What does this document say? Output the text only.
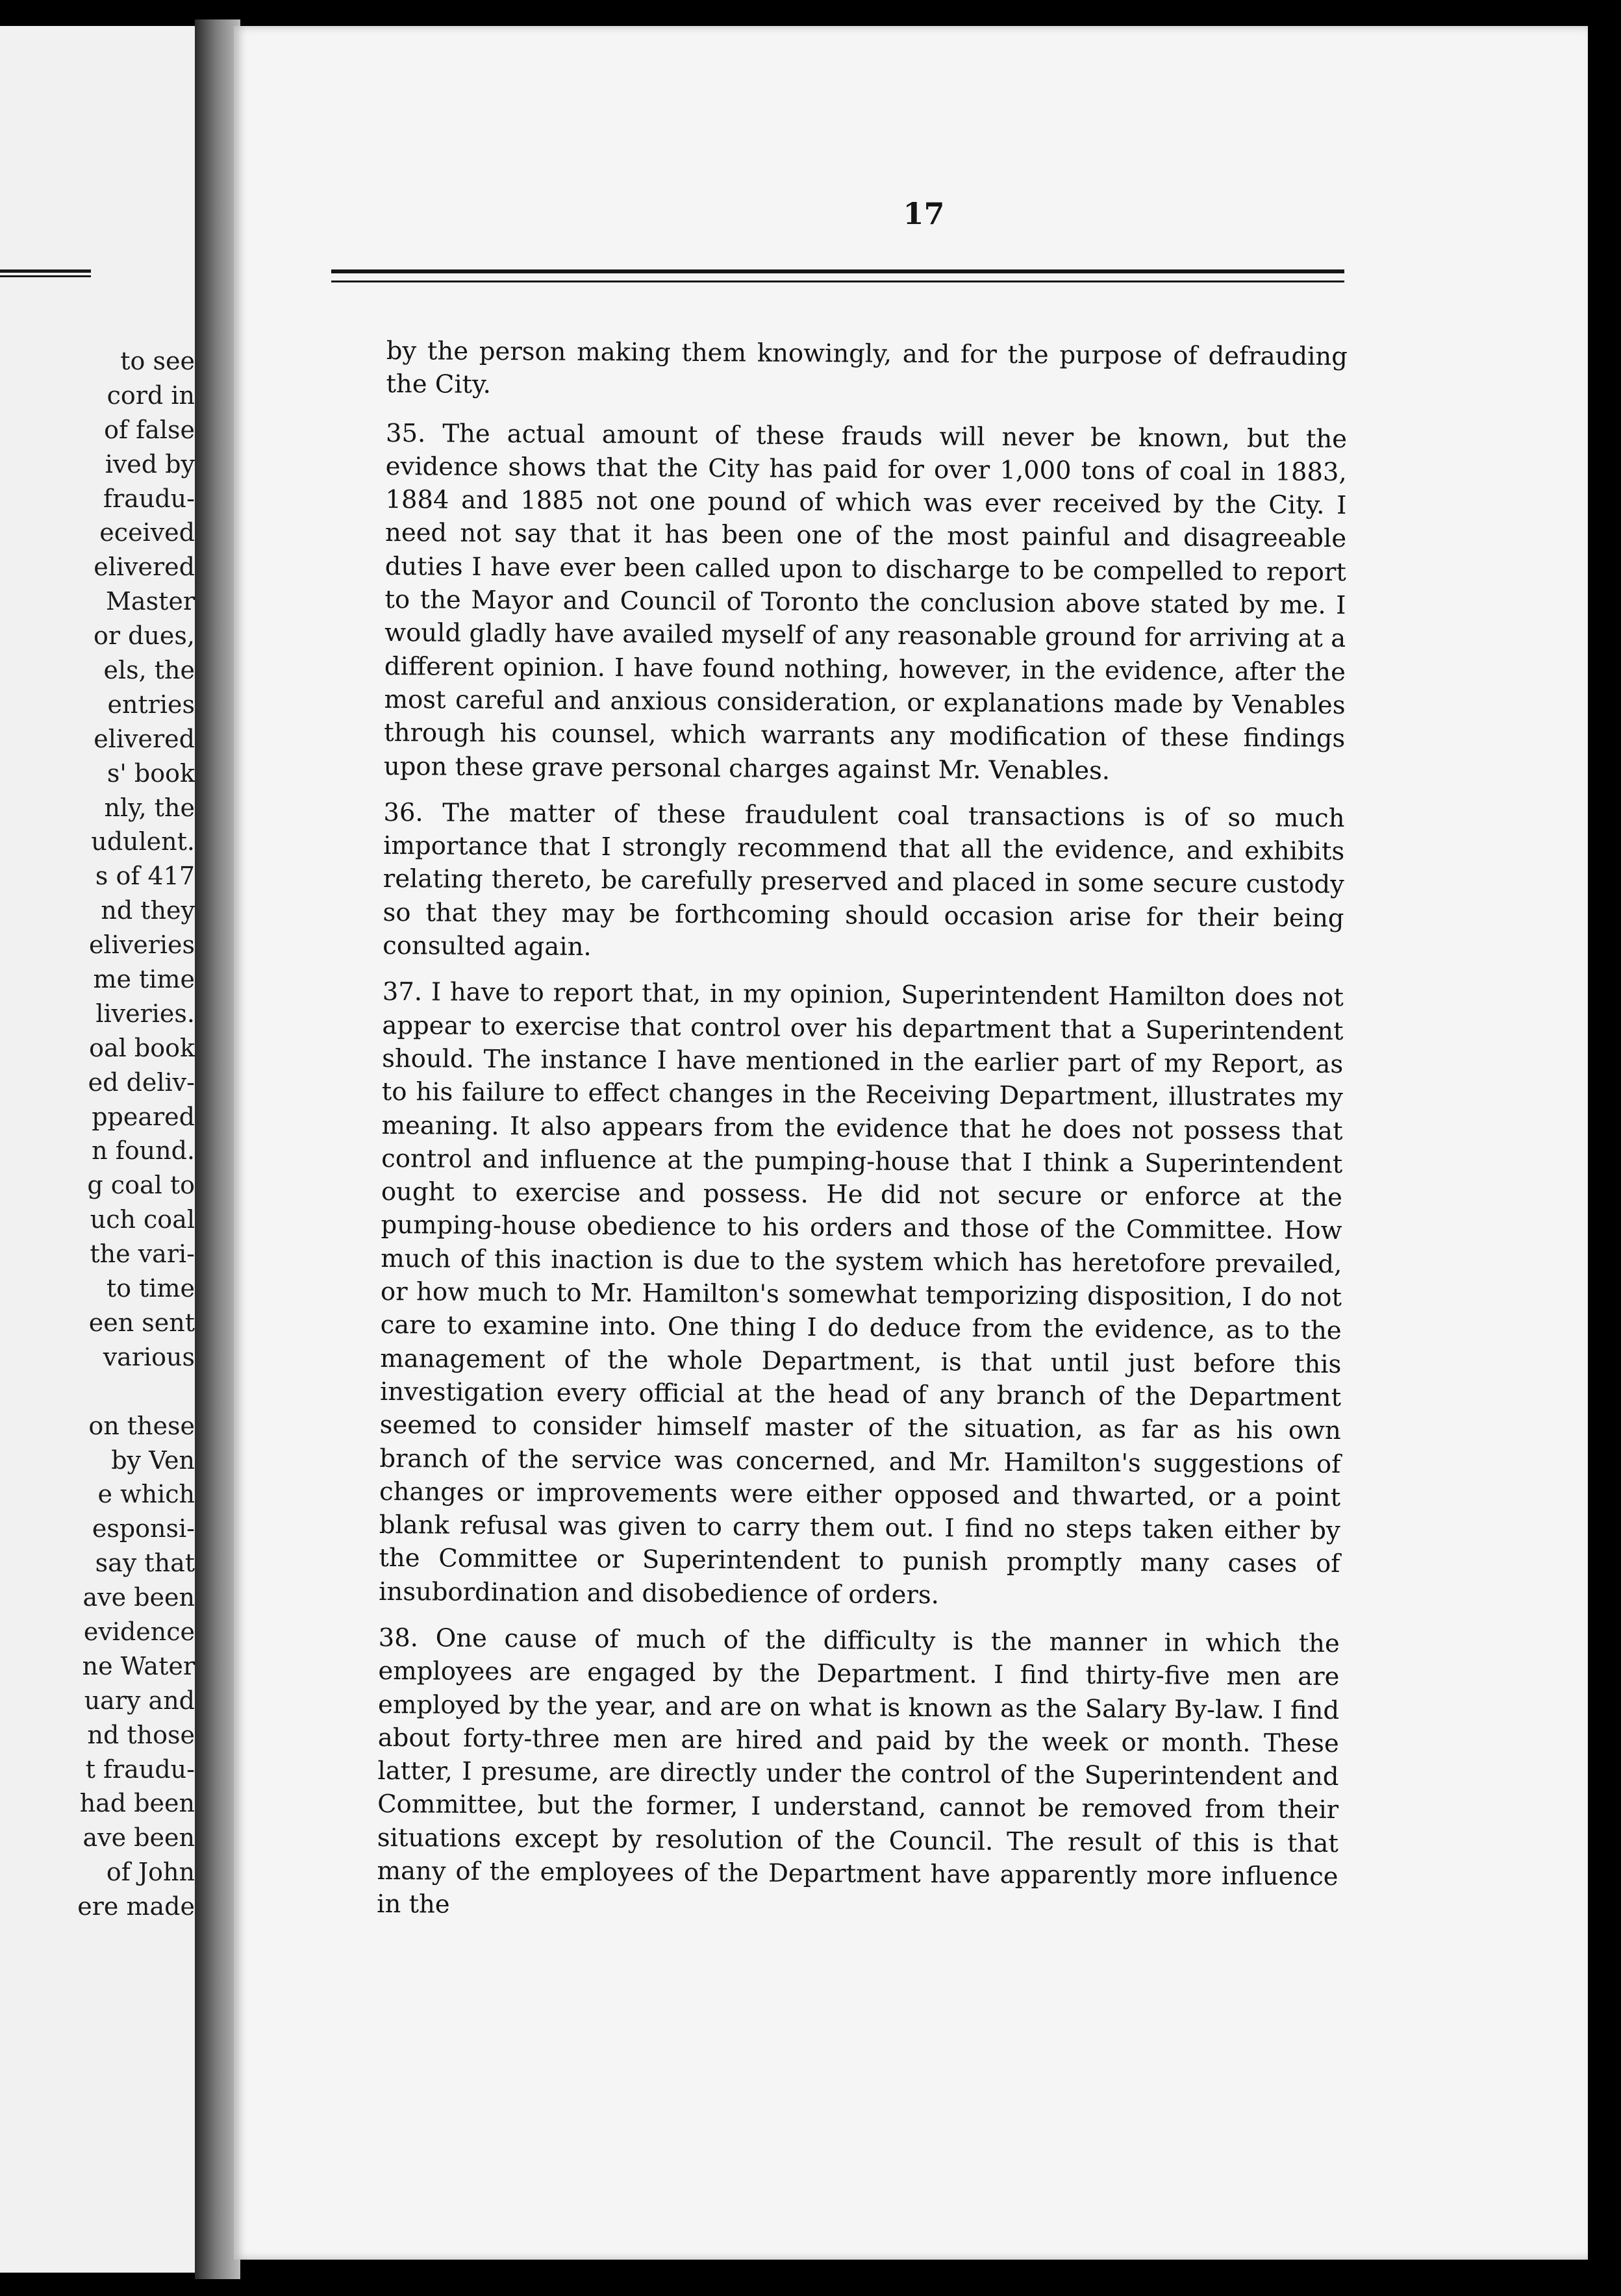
to see
cord in
of false
ived by
fraudu-
eceived
elivered
Master
or dues,
els, the
entries
elivered
s' book
nly, the
udulent.
s of 417
nd they
eliveries
me time
liveries.
oal book
ed deliv-
ppeared
n found.
g coal to
uch coal
the vari-
to time
een sent
various
on these
by Ven
e which
esponsi-
say that
ave been
evidence
ne Water
uary and
nd those
t fraudu-
had been
ave been
of John
ere made
17

by the person making them knowingly, and for the purpose of defrauding the City.

35. The actual amount of these frauds will never be known, but the evidence shows that the City has paid for over 1,000 tons of coal in 1883, 1884 and 1885 not one pound of which was ever received by the City. I need not say that it has been one of the most painful and disagreeable duties I have ever been called upon to discharge to be compelled to report to the Mayor and Council of Toronto the conclusion above stated by me. I would gladly have availed myself of any reasonable ground for arriving at a different opinion. I have found nothing, however, in the evidence, after the most careful and anxious consideration, or explanations made by Venables through his counsel, which warrants any modification of these findings upon these grave personal charges against Mr. Venables.

36. The matter of these fraudulent coal transactions is of so much importance that I strongly recommend that all the evidence, and exhibits relating thereto, be carefully preserved and placed in some secure custody so that they may be forthcoming should occasion arise for their being consulted again.

37. I have to report that, in my opinion, Superintendent Hamilton does not appear to exercise that control over his department that a Superintendent should. The instance I have mentioned in the earlier part of my Report, as to his failure to effect changes in the Receiving Department, illustrates my meaning. It also appears from the evidence that he does not possess that control and influence at the pumping-house that I think a Superintendent ought to exercise and possess. He did not secure or enforce at the pumping-house obedience to his orders and those of the Committee. How much of this inaction is due to the system which has heretofore prevailed, or how much to Mr. Hamilton's somewhat temporizing disposition, I do not care to examine into. One thing I do deduce from the evidence, as to the management of the whole Department, is that until just before this investigation every official at the head of any branch of the Department seemed to consider himself master of the situation, as far as his own branch of the service was concerned, and Mr. Hamilton's suggestions of changes or improvements were either opposed and thwarted, or a point blank refusal was given to carry them out. I find no steps taken either by the Committee or Superintendent to punish promptly many cases of insubordination and disobedience of orders.

38. One cause of much of the difficulty is the manner in which the employees are engaged by the Department. I find thirty-five men are employed by the year, and are on what is known as the Salary By-law. I find about forty-three men are hired and paid by the week or month. These latter, I presume, are directly under the control of the Superintendent and Committee, but the former, I understand, cannot be removed from their situations except by resolution of the Council. The result of this is that many of the employees of the Department have apparently more influence in the
